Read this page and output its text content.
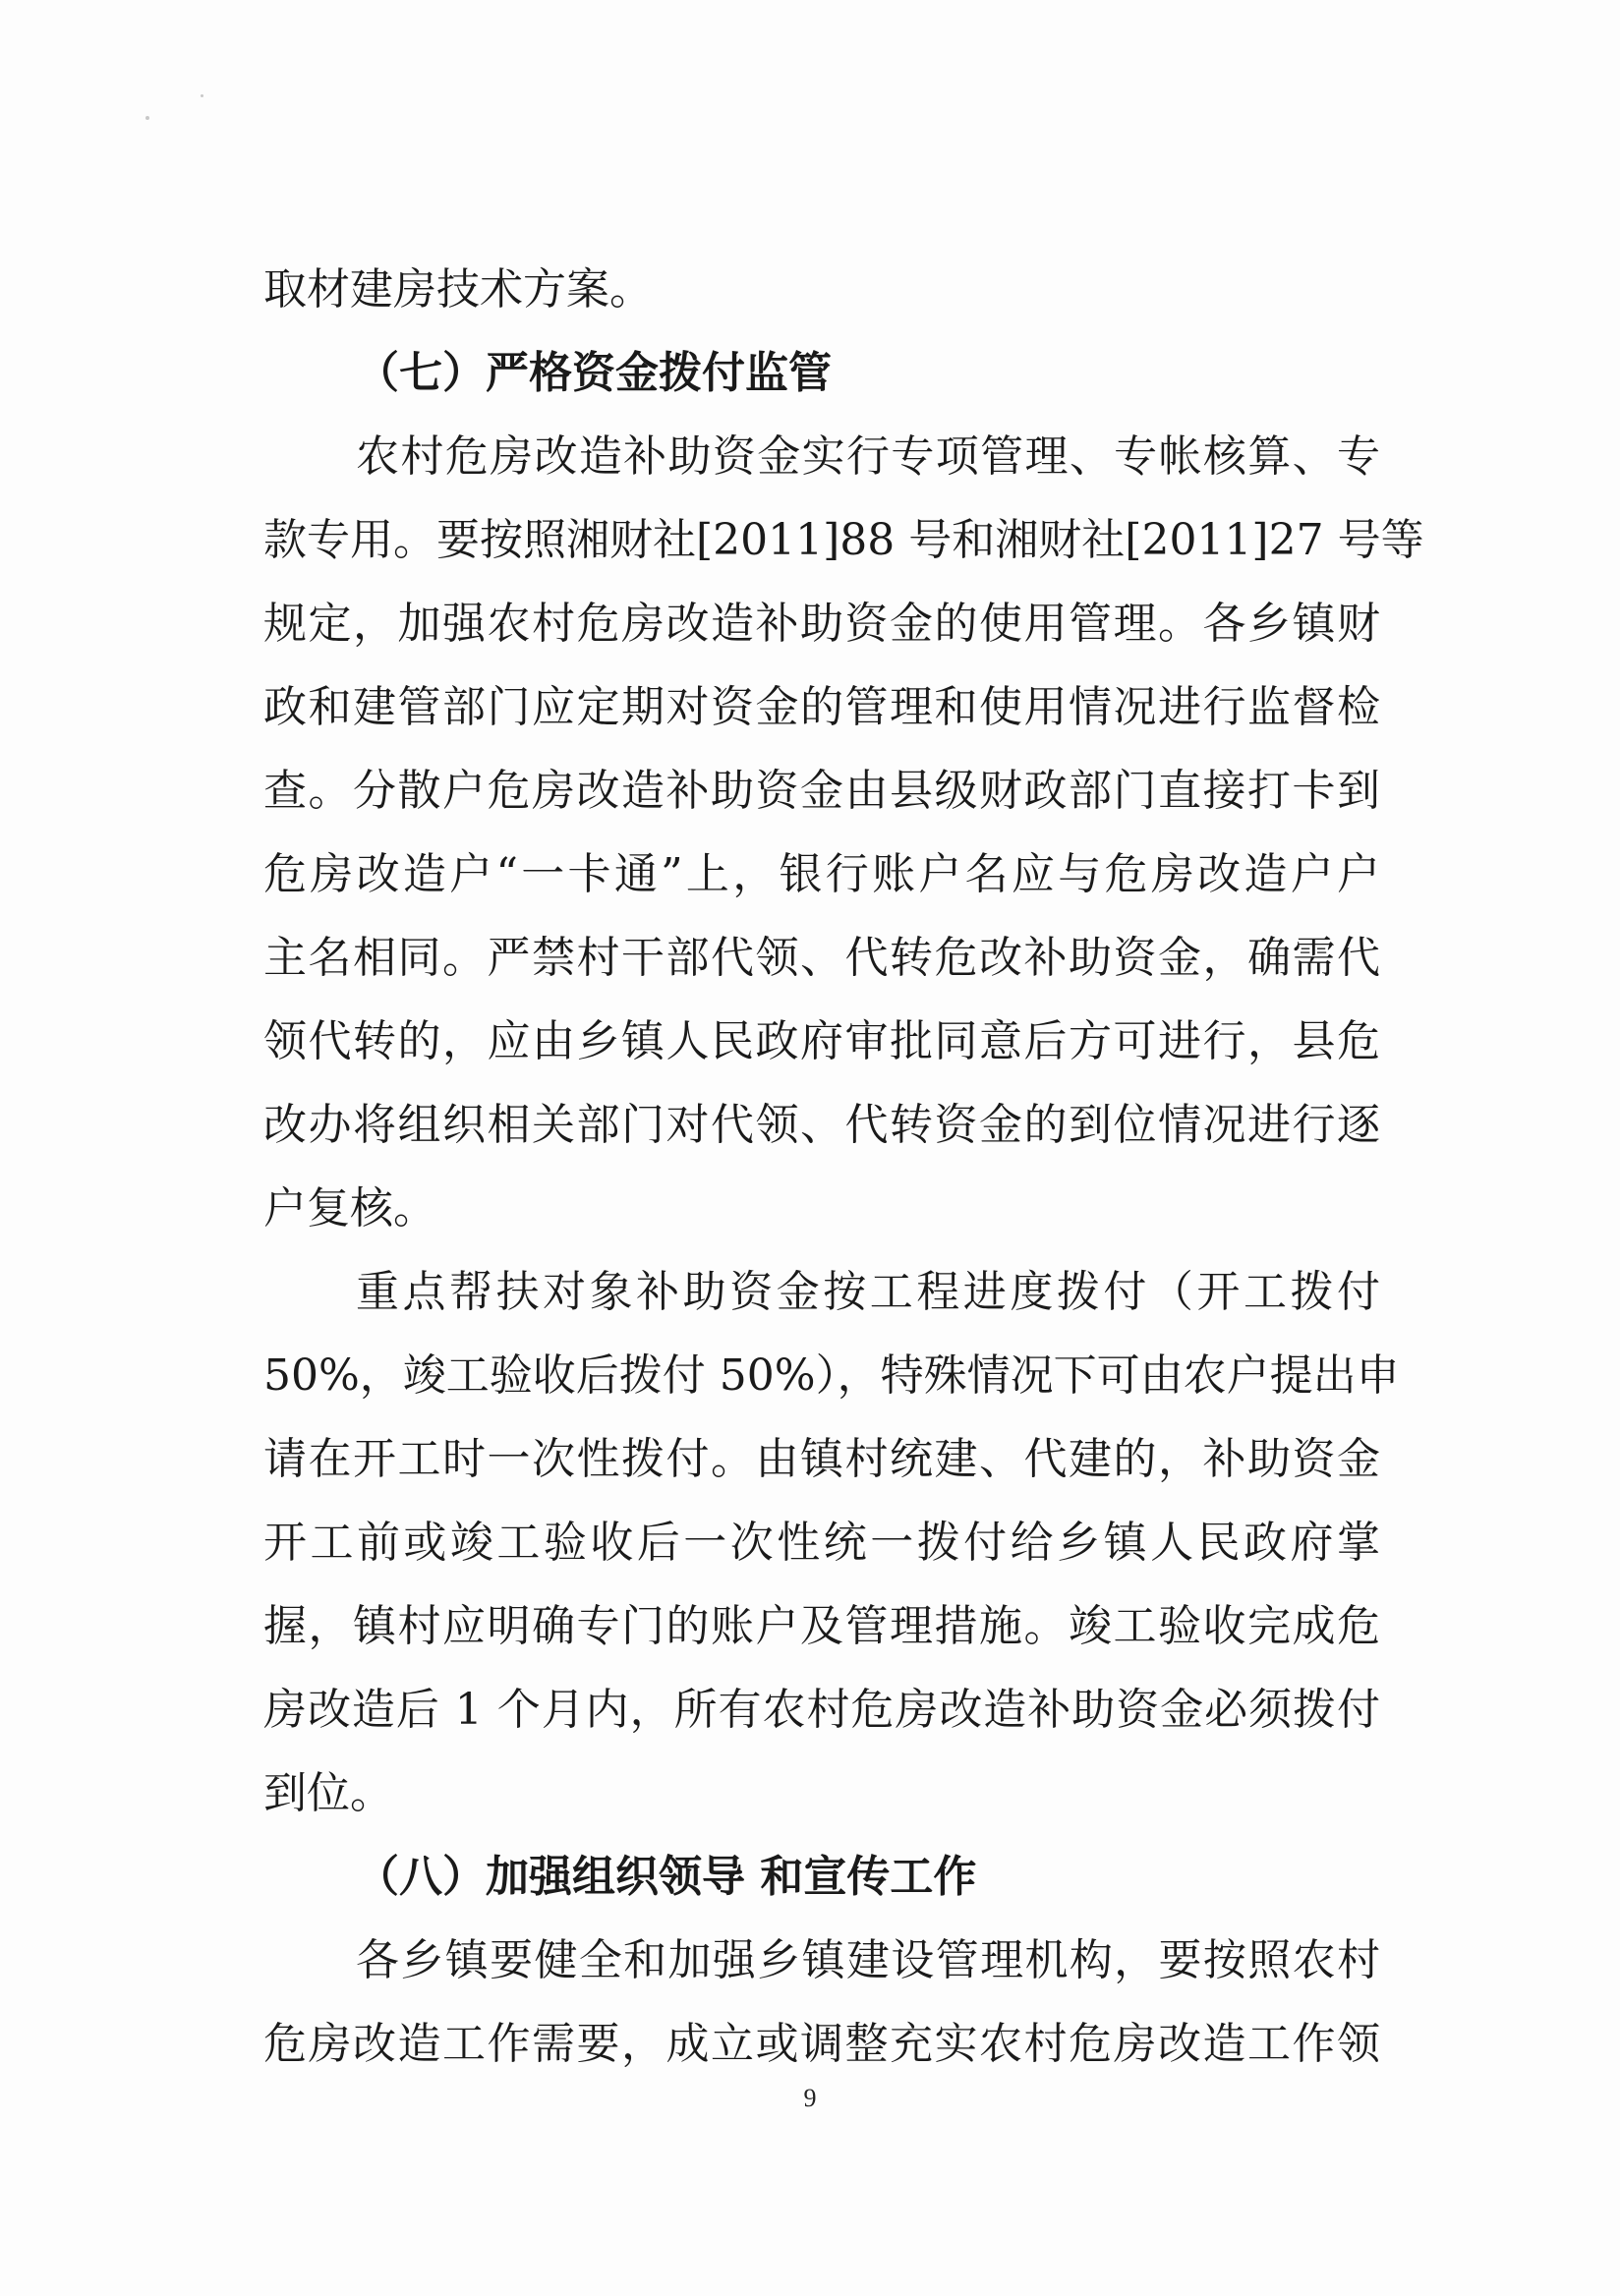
取材建房技术方案。
（七）严格资金拨付监管
农村危房改造补助资金实行专项管理、专帐核算、专
款专用。要按照湘财社[2011]88 号和湘财社[2011]27 号等
规定，加强农村危房改造补助资金的使用管理。各乡镇财
政和建管部门应定期对资金的管理和使用情况进行监督检
查。分散户危房改造补助资金由县级财政部门直接打卡到
危房改造户“一卡通”上，银行账户名应与危房改造户户
主名相同。严禁村干部代领、代转危改补助资金，确需代
领代转的，应由乡镇人民政府审批同意后方可进行，县危
改办将组织相关部门对代领、代转资金的到位情况进行逐
户复核。
重点帮扶对象补助资金按工程进度拨付（开工拨付
50%，竣工验收后拨付 50%），特殊情况下可由农户提出申
请在开工时一次性拨付。由镇村统建、代建的，补助资金
开工前或竣工验收后一次性统一拨付给乡镇人民政府掌
握，镇村应明确专门的账户及管理措施。竣工验收完成危
房改造后 1 个月内，所有农村危房改造补助资金必须拨付
到位。
（八）加强组织领导 和宣传工作
各乡镇要健全和加强乡镇建设管理机构，要按照农村
危房改造工作需要，成立或调整充实农村危房改造工作领
9
